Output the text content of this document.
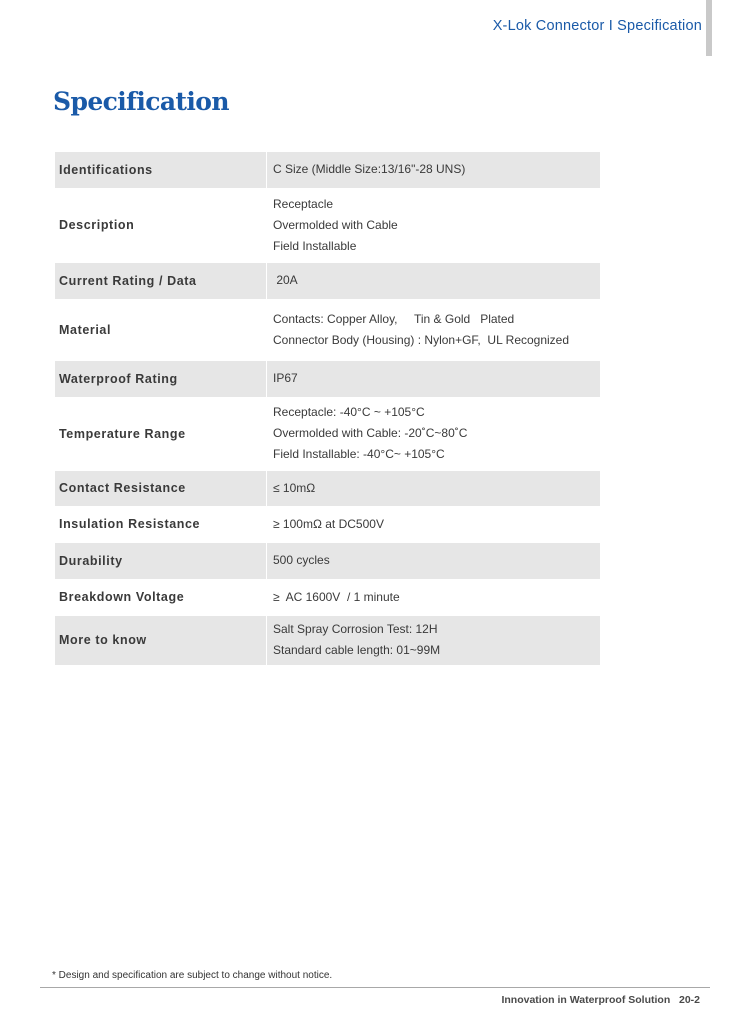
X-Lok Connector I Specification
Specification
Identifications	C Size (Middle Size:13/16"-28 UNS)

Description	Receptacle
Overmolded with Cable
Field Installable

Current Rating / Data	20A

Material	Contacts: Copper Alloy,     Tin & Gold   Plated
Connector Body (Housing) : Nylon+GF,  UL Recognized

Waterproof Rating	IP67

Temperature Range	Receptacle: -40°C ~ +105°C
Overmolded with Cable: -20˚C~80˚C
Field Installable: -40°C~ +105°C

Contact Resistance	≤ 10mΩ

Insulation Resistance	≥ 100mΩ at DC500V

Durability	500 cycles

Breakdown Voltage	≥  AC 1600V  / 1 minute

More to know	Salt Spray Corrosion Test: 12H
Standard cable length: 01~99M
* Design and specification are subject to change without notice.
Innovation in Waterproof Solution   20-2
